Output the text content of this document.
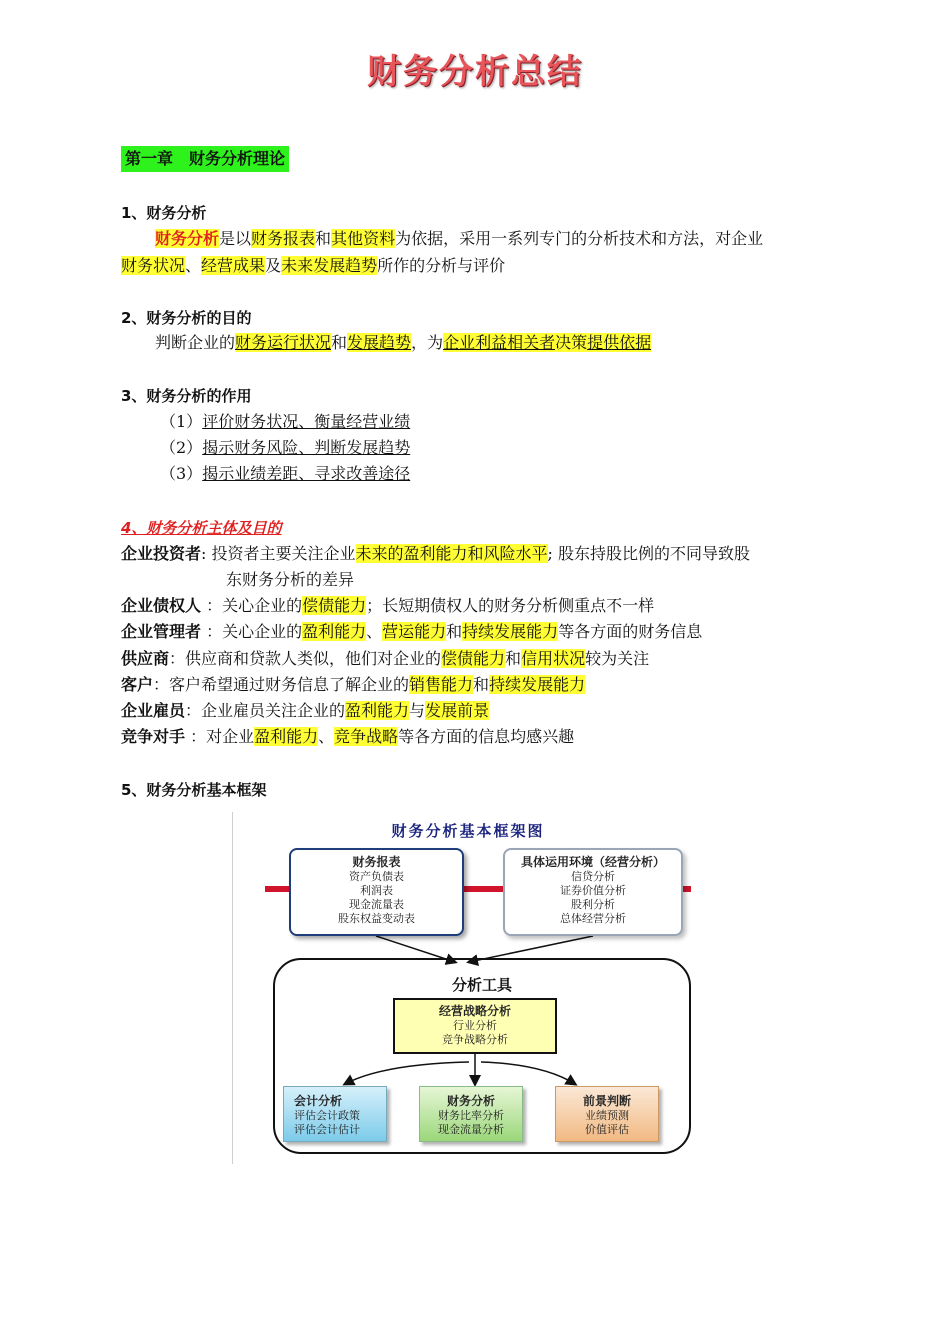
财务分析总结
第一章　财务分析理论
1、财务分析
财务分析是以财务报表和其他资料为依据，采用一系列专门的分析技术和方法，对企业
财务状况、经营成果及未来发展趋势所作的分析与评价
2、财务分析的目的
判断企业的财务运行状况和发展趋势，为企业利益相关者决策提供依据
3、财务分析的作用
（1）评价财务状况、衡量经营业绩
（2）揭示财务风险、判断发展趋势
（3）揭示业绩差距、寻求改善途径
4、财务分析主体及目的
企业投资者: 投资者主要关注企业未来的盈利能力和风险水平; 股东持股比例的不同导致股
东财务分析的差异
企业债权人 ：关心企业的偿债能力；长短期债权人的财务分析侧重点不一样
企业管理者 ：关心企业的盈利能力、营运能力和持续发展能力等各方面的财务信息
供应商：供应商和贷款人类似，他们对企业的偿债能力和信用状况较为关注
客户：客户希望通过财务信息了解企业的销售能力和持续发展能力
企业雇员：企业雇员关注企业的盈利能力与发展前景
竞争对手 ：对企业盈利能力、竞争战略等各方面的信息均感兴趣
5、财务分析基本框架
财务分析基本框架图
财务报表
资产负债表
利润表
现金流量表
股东权益变动表
具体运用环境（经营分析）
信贷分析
证券价值分析
股利分析
总体经营分析
分析工具
经营战略分析
行业分析
竞争战略分析
会计分析
评估会计政策
评估会计估计
财务分析
财务比率分析
现金流量分析
前景判断
业绩预测
价值评估
